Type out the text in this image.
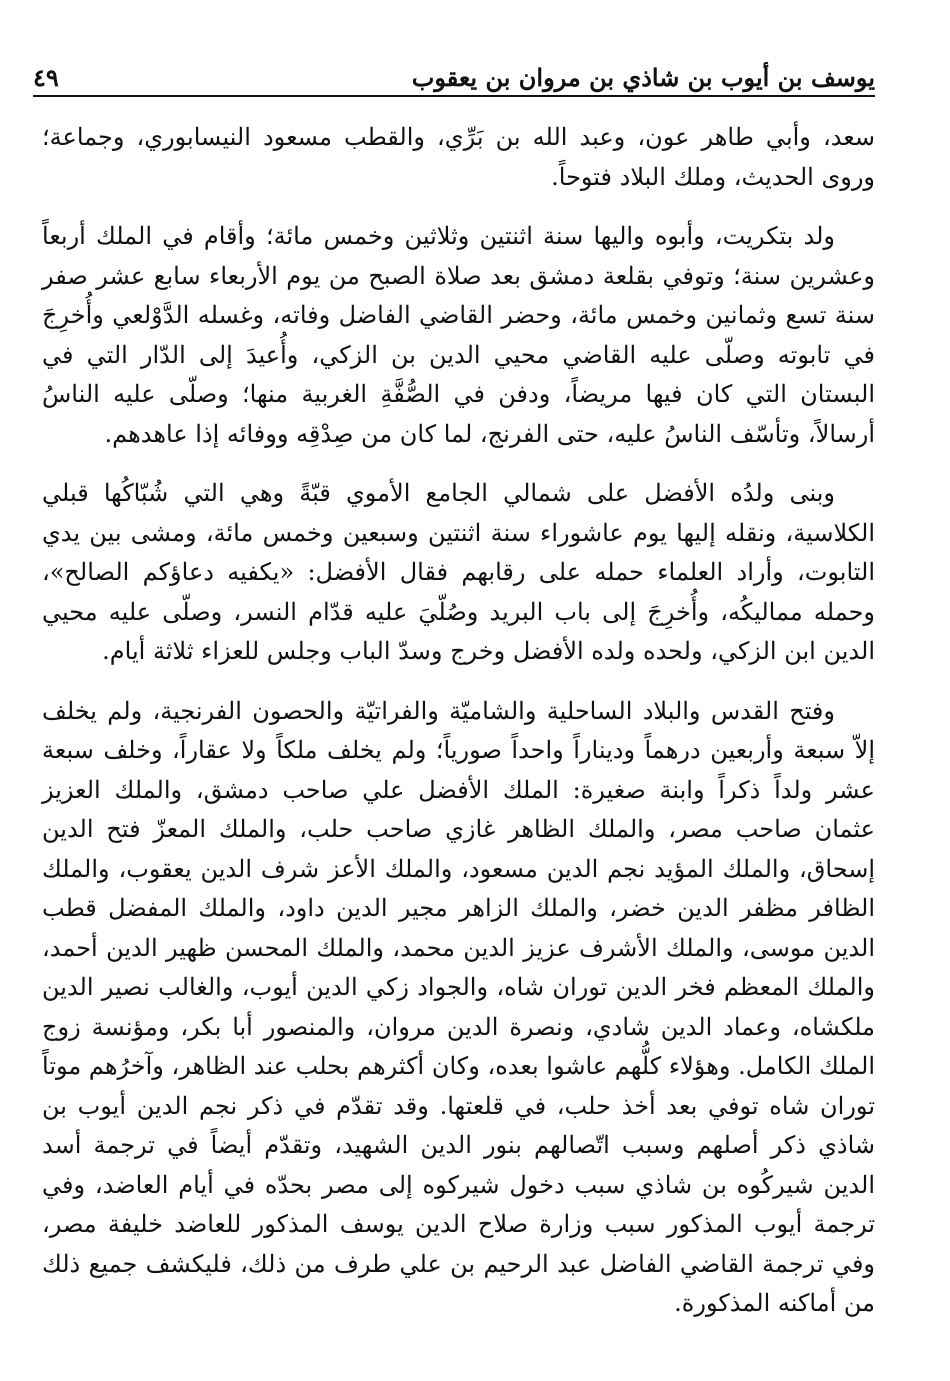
يوسف بن أيوب بن شاذي بن مروان بن يعقوب
٤٩

سعد، وأبي طاهر عون، وعبد الله بن بَرِّي، والقطب مسعود النيسابوري، وجماعة؛ وروى الحديث، وملك البلاد فتوحاً.

ولد بتكريت، وأبوه واليها سنة اثنتين وثلاثين وخمس مائة؛ وأقام في الملك أربعاً وعشرين سنة؛ وتوفي بقلعة دمشق بعد صلاة الصبح من يوم الأربعاء سابع عشر صفر سنة تسع وثمانين وخمس مائة، وحضر القاضي الفاضل وفاته، وغسله الدَّوْلعي وأُخرِجَ في تابوته وصلّى عليه القاضي محيي الدين بن الزكي، وأُعيدَ إلى الدّار التي في البستان التي كان فيها مريضاً، ودفن في الصُّفَّةِ الغربية منها؛ وصلّى عليه الناسُ أرسالاً، وتأسّف الناسُ عليه، حتى الفرنج، لما كان من صِدْقِه ووفائه إذا عاهدهم.

وبنى ولدُه الأفضل على شمالي الجامع الأموي قبّةً وهي التي شُبّاكُها قبلي الكلاسية، ونقله إليها يوم عاشوراء سنة اثنتين وسبعين وخمس مائة، ومشى بين يدي التابوت، وأراد العلماء حمله على رقابهم فقال الأفضل: «يكفيه دعاؤكم الصالح»، وحمله مماليكُه، وأُخرِجَ إلى باب البريد وصُلّيَ عليه قدّام النسر، وصلّى عليه محيي الدين ابن الزكي، ولحده ولده الأفضل وخرج وسدّ الباب وجلس للعزاء ثلاثة أيام.

وفتح القدس والبلاد الساحلية والشاميّة والفراتيّة والحصون الفرنجية، ولم يخلف إلاّ سبعة وأربعين درهماً وديناراً واحداً صورياً؛ ولم يخلف ملكاً ولا عقاراً، وخلف سبعة عشر ولداً ذكراً وابنة صغيرة: الملك الأفضل علي صاحب دمشق، والملك العزيز عثمان صاحب مصر، والملك الظاهر غازي صاحب حلب، والملك المعزّ فتح الدين إسحاق، والملك المؤيد نجم الدين مسعود، والملك الأعز شرف الدين يعقوب، والملك الظافر مظفر الدين خضر، والملك الزاهر مجير الدين داود، والملك المفضل قطب الدين موسى، والملك الأشرف عزيز الدين محمد، والملك المحسن ظهير الدين أحمد، والملك المعظم فخر الدين توران شاه، والجواد زكي الدين أيوب، والغالب نصير الدين ملكشاه، وعماد الدين شادي، ونصرة الدين مروان، والمنصور أبا بكر، ومؤنسة زوج الملك الكامل. وهؤلاء كلُّهم عاشوا بعده، وكان أكثرهم بحلب عند الظاهر، وآخرُهم موتاً توران شاه توفي بعد أخذ حلب، في قلعتها. وقد تقدّم في ذكر نجم الدين أيوب بن شاذي ذكر أصلهم وسبب اتّصالهم بنور الدين الشهيد، وتقدّم أيضاً في ترجمة أسد الدين شيركُوه بن شاذي سبب دخول شيركوه إلى مصر بحدّه في أيام العاضد، وفي ترجمة أيوب المذكور سبب وزارة صلاح الدين يوسف المذكور للعاضد خليفة مصر، وفي ترجمة القاضي الفاضل عبد الرحيم بن علي طرف من ذلك، فليكشف جميع ذلك من أماكنه المذكورة.
